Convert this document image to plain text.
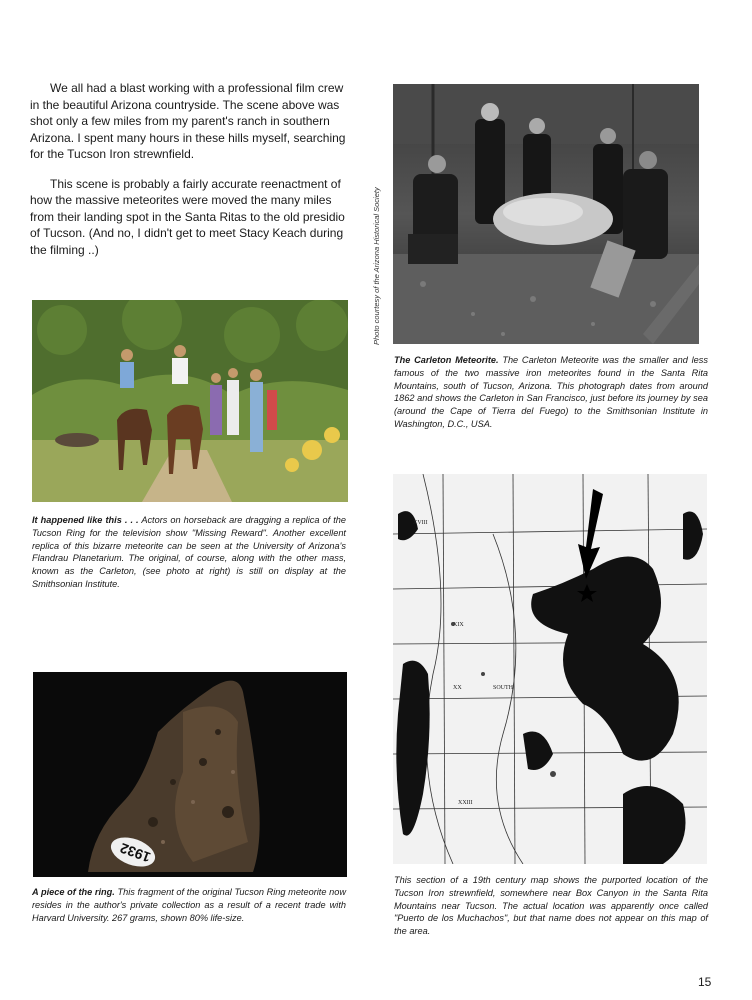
We all had a blast working with a professional film crew in the beautiful Arizona countryside. The scene above was shot only a few miles from my parent's ranch in southern Arizona. I spent many hours in these hills myself, searching for the Tucson Iron strewnfield.

This scene is probably a fairly accurate reenactment of how the massive meteorites were moved the many miles from their landing spot in the Santa Ritas to the old presidio of Tucson. (And no, I didn't get to meet Stacy Keach during the filming ..)	Photo courtesy of the Arizona Historical Society
The Carleton Meteorite. The Carleton Meteorite was the smaller and less famous of the two massive iron meteorites found in the Santa Rita Mountains, south of Tucson, Arizona. This photograph dates from around 1862 and shows the Carleton in San Francisco, just before its journey by sea (around the Cape of Tierra del Fuego) to the Smithsonian Institute in Washington, D.C., USA.
It happened like this . . . Actors on horseback are dragging a replica of the Tucson Ring for the television show "Missing Reward". Another excellent replica of this bizarre meteorite can be seen at the University of Arizona's Flandrau Planetarium. The original, of course, along with the other mass, known as the Carleton, (see photo at right) is still on display at the Smithsonian Institute.
XVIII
XIX
XX
XXIII
SOUTH
This section of a 19th century map shows the purported location of the Tucson Iron strewnfield, somewhere near Box Canyon in the Santa Rita Mountains near Tucson. The actual location was apparently once called "Puerto de los Muchachos", but that name does not appear on this map of the area.
1932
A piece of the ring. This fragment of the original Tucson Ring meteorite now resides in the author's private collection as a result of a recent trade with Harvard University. 267 grams, shown 80% life-size.
15
